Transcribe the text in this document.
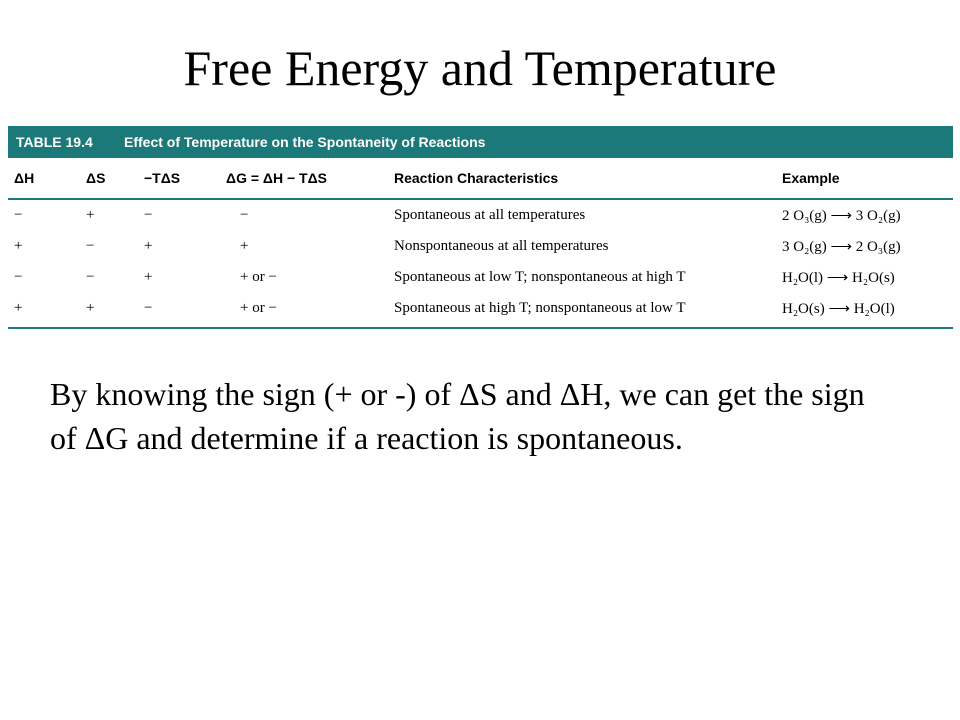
Free Energy and Temperature
TABLE 19.4	Effect of Temperature on the Spontaneity of Reactions
ΔH	ΔS	−TΔS	ΔG = ΔH − TΔS	Reaction Characteristics	Example
−	+	−	−	Spontaneous at all temperatures	2 O₃(g) ⟶ 3 O₂(g)
+	−	+	+	Nonspontaneous at all temperatures	3 O₂(g) ⟶ 2 O₃(g)
−	−	+	+ or −	Spontaneous at low T; nonspontaneous at high T	H₂O(l) ⟶ H₂O(s)
+	+	−	+ or −	Spontaneous at high T; nonspontaneous at low T	H₂O(s) ⟶ H₂O(l)

By knowing the sign (+ or -) of ΔS and ΔH, we can get the sign of ΔG and determine if a reaction is spontaneous.
